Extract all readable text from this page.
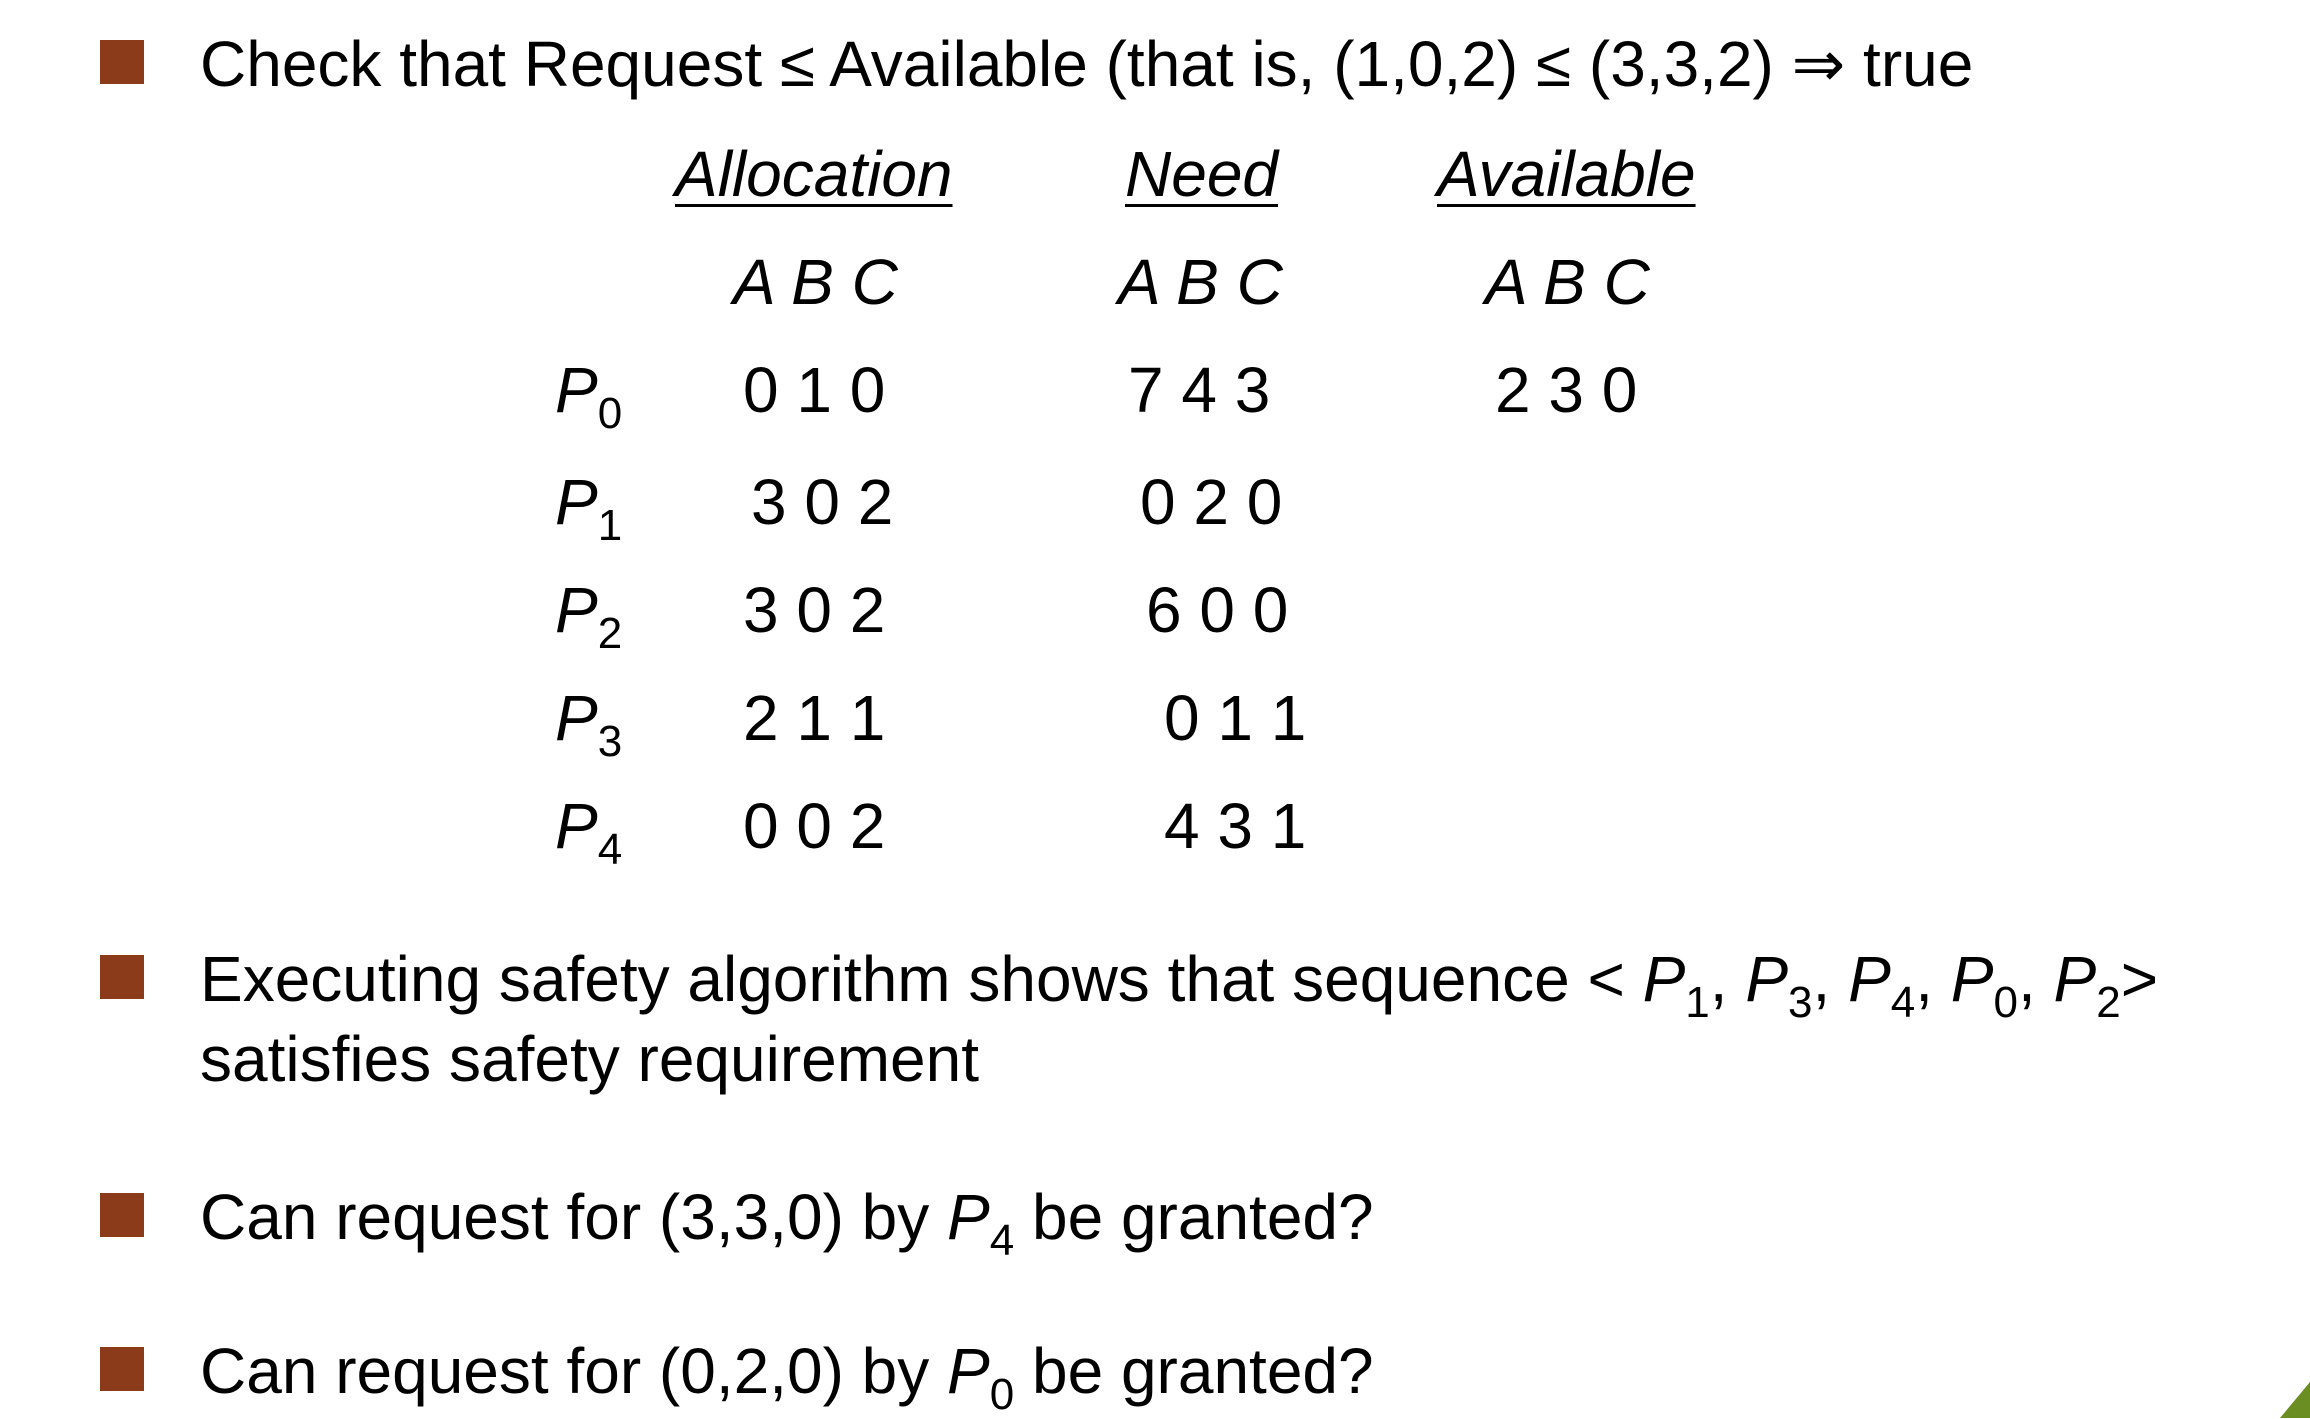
Check that Request ≤ Available (that is, (1,0,2) ≤ (3,3,2) ⇒ true
Allocation	Need Available
A B C	A B C	A B C
$P_0$ 0 1 0	7 4 3	2 3 0
$P_1$ 3 0 2	0 2 0
$P_2$ 3 0 2	6 0 0
$P_3$ 2 1 1	0 1 1
$P_4$ 0 0 2	4 3 1
Executing safety algorithm shows that sequence < $P_1$, $P_3$, $P_4$, $P_0$, $P_2>$
satisfies safety requirement
Can request for (3,3,0) by $P_4$ be granted?
Can request for (0,2,0) by $P_0$ be granted?
